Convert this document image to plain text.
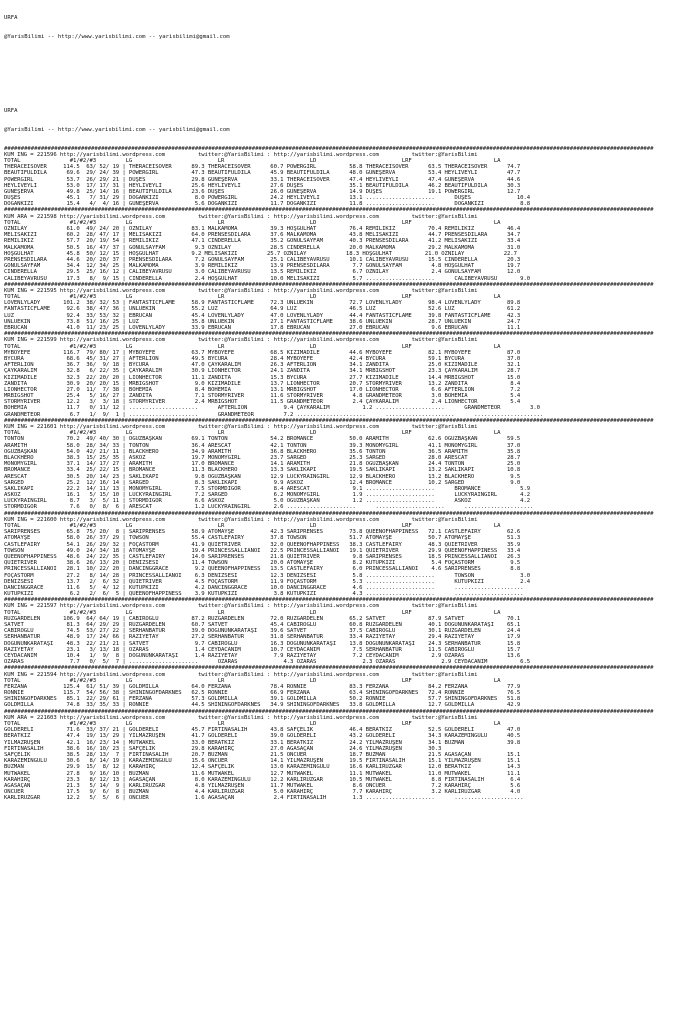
URFA

@YarisBilimi -- http://www.yarisbilimi.com -- yarisbilimi@gmail.com

URFA

@YarisBilimi -- http://www.yarisbilimi.com -- yarisbilimi@gmail.com

##################################################################################################################################################################################################
KUM ING = 221596 http://yarisbilimi.wordpress.com          twitter:@YarisBilimi : http://yarisbilimi.wordpress.com          twitter:@YarisBilimi
TOTAL               #1/#2/#3         LG                          LR                          LD                          LRF                         LA
THERACEISOVER     114.5  63/ 52/ 19 | THERACEISOVER      89.3 THERACEISOVER      60.7 POWERGIRL          58.8 THERACEISOVER      63.5 THERACEISOVER      74.7
BEAUTIFULDILA      69.6  29/ 24/ 39 | POWERGIRL          47.3 BEAUTIFULDILA      45.9 BEAUTIFULDILA      48.0 GÜNEŞERVA          53.4 HEYLIVEYLI         47.7
POWERGIRL          53.7  26/ 29/ 21 | DÜŞES              29.8 GÜNEŞERVA          33.1 THERACEISOVER      47.4 HEYLIVEYLI         47.4 GÜNEŞERVA          44.6
HEYLIVEYLI         53.0  17/ 17/ 31 | HEYLIVEYLI         25.6 HEYLIVEYLI         27.6 DÜŞES              35.1 BEAUTIFULDILA      46.2 BEAUTIFULDILA      30.3
GÜNEŞERVA          49.8  25/ 14/ 16 | BEAUTIFULDILA      23.6 DÜŞES              26.0 GÜNEŞERVA          14.9 DÜŞES              19.1 POWERGIRL          12.7
DÜŞES              45.1   7/ 31/ 29 | DOĞANKIZI           8.0 POWERGIRL          24.2 HEYLIVEYLI         13.1 .....................      DÜŞES              10.4
DOĞANKIZI          15.4   4/  4/ 16 | GÜNEŞERVA           5.6 DOĞANKIZI          11.7 DOĞANKIZI          11.8 .....................      DOĞANKIZI           8.8
##################################################################################################################################################################################################
KUM ARA = 221598 http://yarisbilimi.wordpress.com          twitter:@YarisBilimi : http://yarisbilimi.wordpress.com          twitter:@YarisBilimi
TOTAL               #1/#2/#3         LG                          LR                          LD                          LRF                         LA
ÖZNİLAY            61.0  49/ 24/ 20 | ÖZNİLAY            83.1 MALKAMOMA          39.3 HOŞGÜLHAT          76.4 REMİLİKIZ          70.4 REMİLİKIZ          46.4
MELİSAKIZI         60.2  28/ 47/ 17 | MELİSAKIZI         64.0 PRENSESDİLARA      37.6 MALKAMOMA          43.8 MELİSAKIZI         44.7 PRENSESDİLARA      34.7
REMİLİKIZ          57.7  20/ 19/ 54 | REMİLİKIZ          47.1 CİNDERELLA         35.2 GÖNÜLSAYFAM        40.3 PRENSESDİLARA      41.2 MELİSAKIZI         33.4
MALKAMOMA          50.5  16/ 47/ 37 | GÖNÜLSAYFAM         9.3 ÖZNİLAY            28.5 CİNDERELLA         20.0 MALKAMOMA          29.2 MALKAMOMA          31.0
HOŞGÜLHAT          45.8  50/ 12/ 15 | HOŞGÜLHAT          9.2 MELİSAKIZI         25.7 ÖZNİLAY            18.3 HOŞGÜLHAT          21.0 ÖZNİLAY            22.7
PRENSESDİLARA      44.6  20/ 20/ 37 | PRENSESDİLARA       7.2 GÖNÜLSAYFAM        25.1 CALİBEYAVRUSU      10.1 CALİBEYAVRUSU      15.5 CİNDERELLA         20.3
GÖNÜLSAYFAM        34.4  12/ 34/ 25 | MALKAMOMA           3.9 REMİLİKIZ          13.9 PRENSESDİLARA       7.7 GÖNÜLSAYFAM         4.8 HOŞGÜLHAT          19.7
CİNDERELLA         29.5  25/ 16/ 12 | CALİBEYAVRUSU       3.0 CALİBEYAVRUSU      13.5 REMİLİKIZ           6.7 ÖZNİLAY             2.4 GÖNÜLSAYFAM        12.0
CALİBEYAVRUSU      17.3   8/  9/ 15 | CİNDERELLA          2.4 HOŞGÜLHAT          10.0 MELİSAKIZI          5.7 .....................      CALİBEYAVRUSU       9.0
##################################################################################################################################################################################################
KUM ING = 221595 http://yarisbilimi.wordpress.com          twitter:@YarisBilimi : http://yarisbilimi.wordpress.com          twitter:@YarisBilimi
TOTAL               #1/#2/#3         LG                          LR                          LD                          LRF                         LA
LOVENLYLADY       101.2  38/ 32/ 53 | FANTASTICFLAME     58.9 FANTASTICFLAME     72.3 ÜNLÜEKİN           72.7 LOVENLYLADY        98.4 LOVENLYLADY        89.8
FANTASTICFLAME     92.6  38/ 47/ 36 | ÜNLÜEKİN           55.2 LUZ                64.9 LUZ                46.5 LUZ                52.6 LUZ                61.2
LUZ                92.4  33/ 53/ 32 | EBRUCAN            45.4 LOVENLYLADY        47.0 LOVENLYLADY        44.4 FANTASTICFLAME     39.8 FANTASTICFLAME     42.3
ÜNLÜEKİN           73.8  51/ 16/ 25 | LUZ                35.8 ÜNLÜEKİN           27.1 FANTASTICFLAME     38.6 ÜNLÜEKİN           28.7 ÜNLÜEKİN           24.7
EBRUCAN            41.0  11/ 23/ 25 | LOVENLYLADY        33.9 EBRUCAN            17.8 EBRUCAN            27.0 EBRUCAN             9.6 EBRUCAN            11.1
##################################################################################################################################################################################################
KUM ING = 221599 http://yarisbilimi.wordpress.com          twitter:@YarisBilimi : http://yarisbilimi.wordpress.com          twitter:@YarisBilimi
TOTAL               #1/#2/#3         LG                          LR                          LD                          LRF                         LA
MYBOYEFE          116.7  79/ 80/ 17 | MYBOYEFE           63.7 MYBOYEFE           68.5 KIZIMADİLE         44.6 MYBOYEFE           82.1 MYBOYEFE           87.0
BYCURA             68.6  45/ 31/ 27 | AFTERLION          49.5 BYCURA             28.4 MYBOYEFE           42.4 BYCURA             59.1 BYCURA             37.0
AFTERLION          36.7  36/  9/ 18 | BYCURA             47.0 ÇAYKARALIM         26.3 AFTERLION          34.1 ZANDİTA            25.0 KIZIMADİLE         32.1
ÇAYKARALIM         32.8   6/ 22/ 35 | ÇAYKARALIM         30.9 LIONHECTOR         24.1 ZANDİTA            34.1 MRBIGSHOT          23.3 ÇAYKARALIM         28.7
KIZIMADİLE         32.3  22/ 20/ 20 | LIONHECTOR         11.1 ZANDİTA            15.3 BYCURA             27.7 KIZIMADİLE         14.4 MRBIGSHOT          15.0
ZANDİTA            30.9  20/ 20/ 15 | MRBIGSHOT           9.0 KIZIMADİLE         13.7 LIONHECTOR         20.7 STORMYRIVER        13.2 ZANDİTA             8.4
LIONHECTOR         27.0  11/  7/ 38 | BOHEMIA             8.4 BOHEMIA            13.1 MRBIGSHOT          17.0 LIONHECTOR          6.6 AFTERLION           7.2
MRBIGSHOT          25.4   5/ 16/ 27 | ZANDİTA             7.1 STORMYRIVER        11.6 STORMYRIVER         4.8 GRANDMETEOR         3.0 BOHEMIA             5.4
STORMYRIVER        12.2   3/  3/ 18 | STORMYRIVER         2.4 MRBIGSHOT          11.5 GRANDMETEOR         2.4 ÇAYKARALIM          2.4 LIONHECTOR          5.4
BOHEMIA            11.7   0/ 11/ 12 | .....................      AFTERLION           9.4 ÇAYKARALIM          1.2 .....................      GRANDMETEOR         3.0
GRANDMETEOR         6.7   1/  9/  1 | .....................      GRANDMETEOR         7.2 .....................      .....................      .....................
##################################################################################################################################################################################################
KUM ING = 221601 http://yarisbilimi.wordpress.com          twitter:@YarisBilimi : http://yarisbilimi.wordpress.com          twitter:@YarisBilimi
TOTAL               #1/#2/#3         LG                          LR                          LD                          LRF                         LA
TONTON             70.2  49/ 40/ 30 | OĞUZBAŞKAN         69.1 TONTON             54.2 BROMANCE           50.0 ARAMİTH            62.6 OĞUZBAŞKAN         59.5
ARAMİTH            58.0  28/ 34/ 33 | TONTON             36.4 ARESCAT            42.1 TONTON             39.3 MONOMYGIRL         41.1 MONOMYGIRL         37.0
OĞUZBAŞKAN         54.0  42/ 21/ 11 | BLACKHERO          34.9 ARAMİTH            36.8 BLACKHERO          35.6 TONTON             36.5 ARAMİTH            35.8
BLACKHERO          38.3  15/ 25/ 35 | ASKOZ              19.7 MONOMYGIRL         23.7 SARGED             25.3 SARGED             28.0 ARESCAT            28.7
MONOMYGIRL         37.1  14/ 17/ 27 | ARAMİTH            17.0 BROMANCE           14.1 ARAMİTH            21.8 OĞUZBAŞKAN         24.4 TONTON             25.0
BROMANCE           33.4  25/ 22/ 15 | BROMANCE           11.3 BLACKHERO          13.3 SAKLIKAPI          19.5 SAKLIKAPI          13.2 SAKLIKAPI          10.8
ARESCAT            30.5  20/ 14/ 23 | SAKLIKAPI           9.8 OĞUZBAŞKAN         12.9 LUCKYRAINGIRL      12.9 BLACKHERO          13.2 BLACKHERO           9.5
SARGED             25.2  12/ 16/ 14 | SARGED              8.3 SAKLIKAPI           9.9 ASKOZ              12.4 BROMANCE           10.2 SARGED              9.0
SAKLIKAPI          22.2  14/ 11/ 13 | MONOMYGIRL          7.5 STORMDIGOR          8.4 ARESCAT             9.1 .....................      BROMANCE            5.9
ASKOZ              16.1   5/ 15/ 10 | LUCKYRAINGIRL       7.2 SARGED              6.2 MONOMYGIRL          1.9 .....................      LUCKYRAINGIRL       4.2
LUCKYRAINGIRL       8.7   3/  5/ 11 | STORMDIGOR          6.6 ASKOZ               5.0 OĞUZBAŞKAN          1.2 .....................      ASKOZ               4.2
STORMDIGOR          7.6   0/  8/  6 | ARESCAT             1.2 LUCKYRAINGIRL       2.6 .....................      .....................      .....................
##################################################################################################################################################################################################
KUM ING = 221600 http://yarisbilimi.wordpress.com          twitter:@YarisBilimi : http://yarisbilimi.wordpress.com          twitter:@YarisBilimi
TOTAL               #1/#2/#3         LG                          LR                          LD                          LRF                         LA
SARIPRENSES        65.8  75/ 20/  8 | SARIPRENSES        58.9 ATOMAYŞE           42.3 SARIPRENSES        73.8 QUEENOFHAPPINESS   72.1 CASTLEFAIRY        62.6
ATOMAYŞE           58.0  26/ 37/ 29 | TOWSON             55.4 CASTLEFAIRY        37.8 TOWSON             51.7 ATOMAYŞE           50.7 ATOMAYŞE           51.3
CASTLEFAIRY        54.1  26/ 29/ 32 | FOÇASTORM          41.9 QUIETRIVER         32.0 QUEENOFHAPPINESS   38.3 CASTLEFAIRY        48.3 QUIETRIVER         35.9
TOWSON             49.0  24/ 34/ 18 | ATOMAYŞE           19.4 PRINCESSALLIANOI   22.5 PRINCESSALLIANOI   19.1 QUIETRIVER         29.9 QUEENOFHAPPINESS   33.4
QUEENOFHAPPINESS   48.6  24/ 22/ 35 | CASTLEFAIRY        14.0 SARIPRENSES        21.8 QUIETRIVER          9.8 SARIPRENSES        18.5 PRINCESSALLIANOI   26.3
QUIETRIVER         38.6  26/ 13/ 20 | DENİZSESİ          11.4 TOWSON             20.0 ATOMAYŞE            8.2 KUTUPKIZI           5.4 FOÇASTORM           9.5
PRINCESSALLIANOI   28.1  10/ 22/ 20 | DANCINGGRACE        9.2 QUEENOFHAPPINESS   13.5 CASTLEFAIRY         6.0 PRINCESSALLIANOI    4.6 SARIPRENSES         8.8
FOÇASTORM          27.2   8/ 14/ 28 | PRINCESSALLIANOI    6.3 DENİZSESİ          12.3 DENİZSESİ           5.8 .....................      TOWSON              3.0
DENİZSESİ          13.7   2/  6/ 32 | QUIETRIVER          4.5 FOÇASTORM          11.9 FOÇASTORM           5.3 .....................      KUTUPKIZI           2.4
DANCINGGRACE       11.6   5/  4/ 12 | KUTUPKIZI           4.2 DANCINGGRACE       10.0 DANCINGGRACE        4.6 .....................      .....................
KUTUPKIZI           6.2   2/  6/  5 | QUEENOFHAPPINESS    3.9 KUTUPKIZI           3.8 KUTUPKIZI           4.3 .....................      .....................
##################################################################################################################################################################################################
KUM ING = 221597 http://yarisbilimi.wordpress.com          twitter:@YarisBilimi : http://yarisbilimi.wordpress.com          twitter:@YarisBilimi
TOTAL               #1/#2/#3         LG                          LR                          LD                          LRF                         LA
RÜZGARDELEN       106.9  64/ 64/ 19 | CABİROĞLU          87.2 RÜZGARDELEN        72.0 RÜZGARDELEN        65.2 SATVET             87.9 SATVET             70.1
SATVET             81.3  64/ 29/ 29 | RÜZGARDELEN        60.7 SATVET             45.4 CABİROĞLU          60.8 RÜZGARDELEN        40.1 DOĞUNUNKARATAŞI    65.1
CABİROĞLU          74.5  53/ 27/ 22 | SERHANBATUR        39.0 DOĞUNUNKARATAŞI    39.6 SATVET             37.5 CABİROĞLU          30.1 RÜZGARDELEN        24.4
SERHANBATUR        48.9  17/ 24/ 66 | RAZIYETAY          27.2 SERHANBATUR        31.8 SERHANBATUR        33.4 RAZIYETAY          29.4 RAZIYETAY          17.9
DOĞUNUNKARATAŞI    48.3  22/ 21/ 21 | SATVET              9.7 CABİROĞLU          16.3 DOĞUNUNKARATAŞI    13.8 DOĞUNUNKARATAŞI    24.3 SERHANBATUR        15.8
RAZIYETAY          23.1   3/ 13/ 18 | ÖZARAS              1.4 CEYDACANIM         10.7 CEYDACANIM          7.5 SERHANBATUR        11.5 CABİROĞLU          15.7
CEYDACANIM         10.4   1/  9/  8 | DOĞUNUNKARATAŞI     1.4 RAZIYETAY           7.9 RAZIYETAY           7.2 CEYDACANIM          2.9 ÖZARAS             13.6
ÖZARAS              7.7   0/  5/  7 | .....................      ÖZARAS              4.3 ÖZARAS              2.3 ÖZARAS              2.9 CEYDACANIM          6.5
##################################################################################################################################################################################################
KUM ING = 221594 http://yarisbilimi.wordpress.com          twitter:@YarisBilimi : http://yarisbilimi.wordpress.com          twitter:@YarisBilimi
TOTAL               #1/#2/#3         LG                          LR                          LD                          LRF                         LA
FERZANA           125.4  61/ 51/ 39 | GOLDMILLA          64.0 FERZANA            78.4 RONNIE             83.3 FERZANA            84.2 FERZANA            77.9
RONNIE            115.7  54/ 56/ 38 | SHININGOFDARKNES   62.5 RONNIE             66.9 FERZANA            63.4 SHININGOFDARKNES   72.4 RONNIE             76.5
SHININGOFDARKNES   85.1  22/ 29/ 61 | FERZANA            57.3 GOLDMILLA          39.1 GOLDMILLA          50.2 RONNIE             57.7 SHININGOFDARKNES   51.8
GOLDMILLA          74.8  33/ 35/ 33 | RONNIE             44.5 SHININGOFDARKNES   34.9 SHININGOFDARKNES   33.8 GOLDMILLA          12.7 GOLDMILLA          42.9
##################################################################################################################################################################################################
KUM ARA = 221603 http://yarisbilimi.wordpress.com          twitter:@YarisBilimi : http://yarisbilimi.wordpress.com          twitter:@YarisBilimi
TOTAL               #1/#2/#3         LG                          LR                          LD                          LRF                         LA
GÖLDERELİ          71.6  33/ 37/ 21 | GÖLDERELİ          45.7 FIRTINASALİH       43.8 SAFÇELİK           46.4 BERATKIZ           52.5 GÖLDERELİ          47.0
BERATKIZ           47.4  19/ 13/ 29 | YILMAZRÜŞEN        41.7 GÖLDERELİ          39.0 GÖLDERELİ          43.2 GÖLDERELİ          34.3 KARAZEMİNGÜLÜ      40.5
YILMAZRÜŞEN        42.1  16/ 23/ 14 | MUTWAKEL           33.0 BERATKIZ           33.1 BERATKIZ           24.2 YILMAZRÜŞEN        34.1 BUZMAN             39.8
FIRTINASALİH       38.6  16/ 10/ 23 | SAFÇELİK           29.8 KARAHIRÇ           27.0 AĞASAÇAN           24.6 YILMAZRÜŞEN        30.3
SAFÇELİK           38.5  28/ 13/  7 | FIRTINASALİH       20.7 BUZMAN             21.5 ÖNCÜER             18.7 BUZMAN             21.5 AĞASAÇAN           15.1
KARAZEMİNGÜLÜ      30.6   8/ 14/ 19 | KARAZEMİNGÜLÜ      15.6 ÖNCÜER             14.1 YILMAZRÜŞEN        19.5 FIRTINASALİH       15.1 YILMAZRÜŞEN        15.1
BUZMAN             29.9  15/  8/ 12 | KARAHIRÇ           12.4 SAFÇELİK           13.0 KARAZEMİNGÜLÜ      16.6 KARLIRÜZGAR        12.0 BERATKIZ           14.3
MUTWAKEL           27.8   9/ 16/ 10 | BUZMAN             11.6 MUTWAKEL           12.7 MUTWAKEL           11.1 MUTWAKEL           11.0 MUTWAKEL           11.1
KARAHIRÇ           23.3   8/ 12/ 13 | AĞASAÇAN            8.0 KARAZEMİNGÜLÜ      12.2 KARLIRÜZGAR        10.5 MUTWAKEL            8.8 FIRTINASALİH        6.4
AĞASAÇAN           21.3   5/ 14/  9 | KARLIRÜZGAR         4.8 YILMAZRÜŞEN        11.7 MUTWAKEL            8.6 ÖNCÜER              7.2 KARAHIRÇ            5.6
ÖNCÜER             17.5   9/  6/  8 | BUZMAN              4.4 KARLIRÜZGAR         5.0 KARAHIRÇ            7.7 KARAHIRÇ            3.2 KARLIRÜZGAR         4.0
KARLIRÜZGAR        12.2   5/  5/  6 | ÖNCÜER              1.6 AĞASAÇAN            2.4 FIRTINASALİH        1.3 .....................      .....................
